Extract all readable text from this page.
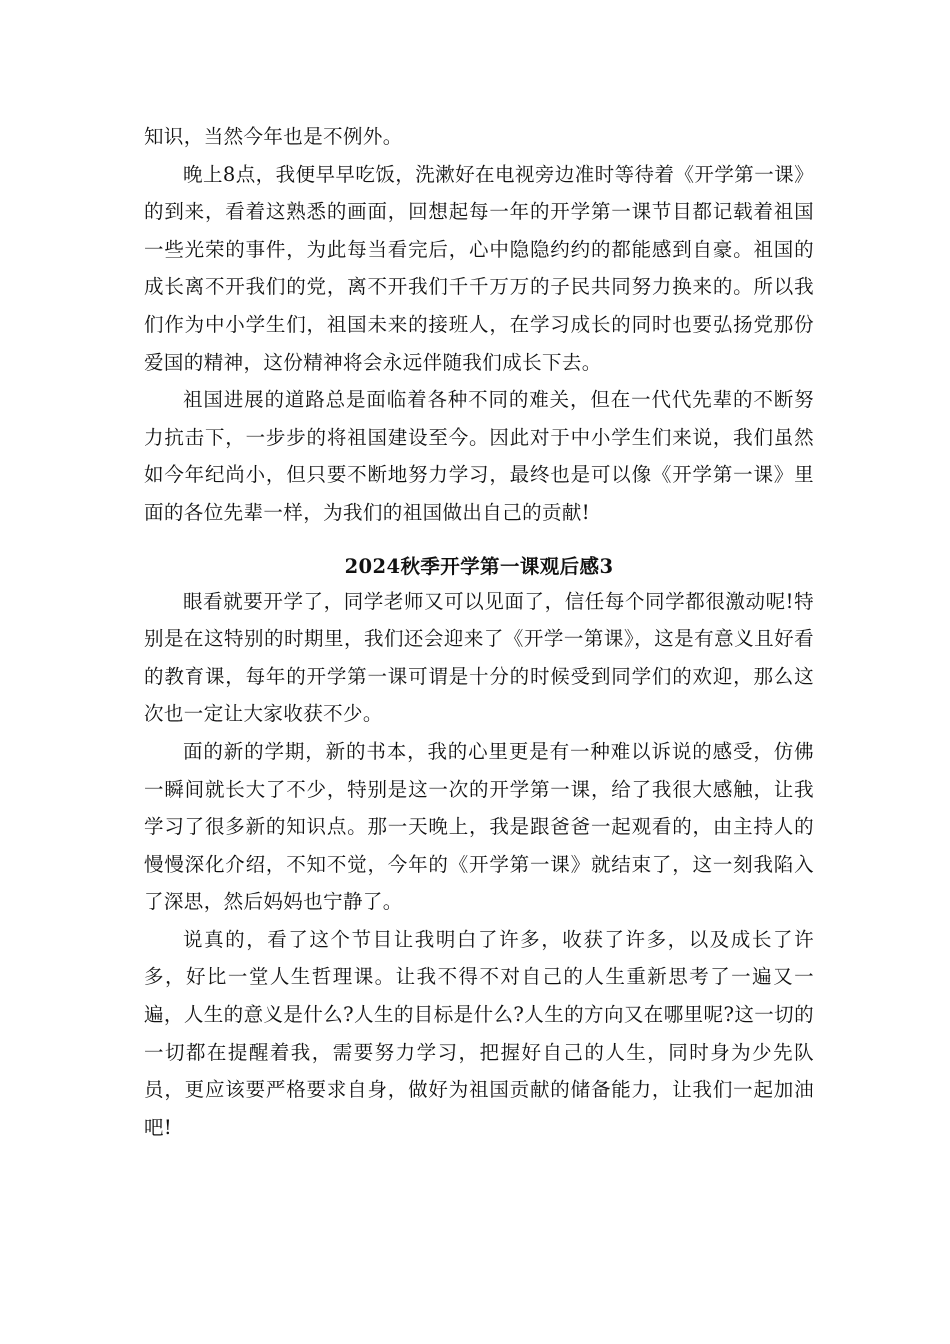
知识，当然今年也是不例外。

晚上8点，我便早早吃饭，洗漱好在电视旁边准时等待着《开学第一课》的到来，看着这熟悉的画面，回想起每一年的开学第一课节目都记载着祖国一些光荣的事件，为此每当看完后，心中隐隐约约的都能感到自豪。祖国的成长离不开我们的党，离不开我们千千万万的子民共同努力换来的。所以我们作为中小学生们，祖国未来的接班人，在学习成长的同时也要弘扬党那份爱国的精神，这份精神将会永远伴随我们成长下去。

祖国进展的道路总是面临着各种不同的难关，但在一代代先辈的不断努力抗击下，一步步的将祖国建设至今。因此对于中小学生们来说，我们虽然如今年纪尚小，但只要不断地努力学习，最终也是可以像《开学第一课》里面的各位先辈一样，为我们的祖国做出自己的贡献!

2024秋季开学第一课观后感3

眼看就要开学了，同学老师又可以见面了，信任每个同学都很激动呢!特别是在这特别的时期里，我们还会迎来了《开学一第课》，这是有意义且好看的教育课，每年的开学第一课可谓是十分的时候受到同学们的欢迎，那么这次也一定让大家收获不少。

面的新的学期，新的书本，我的心里更是有一种难以诉说的感受，仿佛一瞬间就长大了不少，特别是这一次的开学第一课，给了我很大感触，让我学习了很多新的知识点。那一天晚上，我是跟爸爸一起观看的，由主持人的慢慢深化介绍，不知不觉，今年的《开学第一课》就结束了，这一刻我陷入了深思，然后妈妈也宁静了。

说真的，看了这个节目让我明白了许多，收获了许多，以及成长了许多，好比一堂人生哲理课。让我不得不对自己的人生重新思考了一遍又一遍，人生的意义是什么?人生的目标是什么?人生的方向又在哪里呢?这一切的一切都在提醒着我，需要努力学习，把握好自己的人生，同时身为少先队员，更应该要严格要求自身，做好为祖国贡献的储备能力，让我们一起加油吧!
